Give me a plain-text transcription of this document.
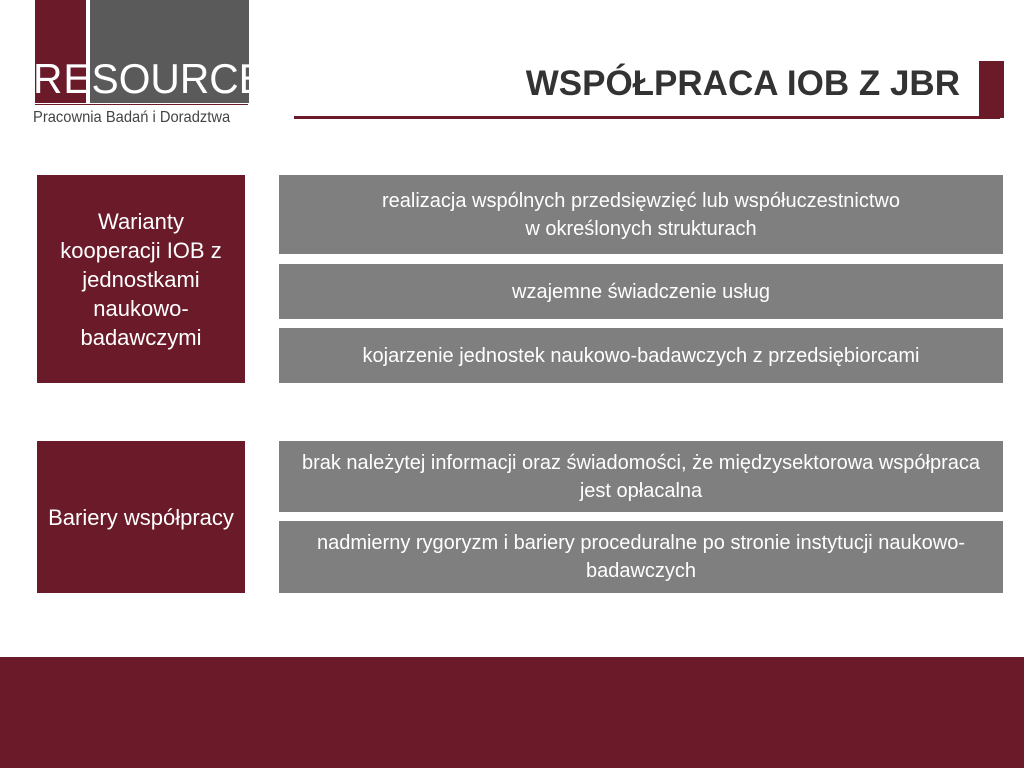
RESOURCE
Pracownia Badań i Doradztwa
WSPÓŁPRACA IOB Z JBR
Warianty kooperacji IOB z jednostkami naukowo-badawczymi
realizacja wspólnych przedsięwzięć lub współuczestnictwo
w określonych strukturach
wzajemne świadczenie usług
kojarzenie jednostek naukowo-badawczych z przedsiębiorcami
Bariery współpracy
brak należytej informacji oraz świadomości, że międzysektorowa współpraca jest opłacalna
nadmierny rygoryzm i bariery proceduralne po stronie instytucji naukowo-badawczych
